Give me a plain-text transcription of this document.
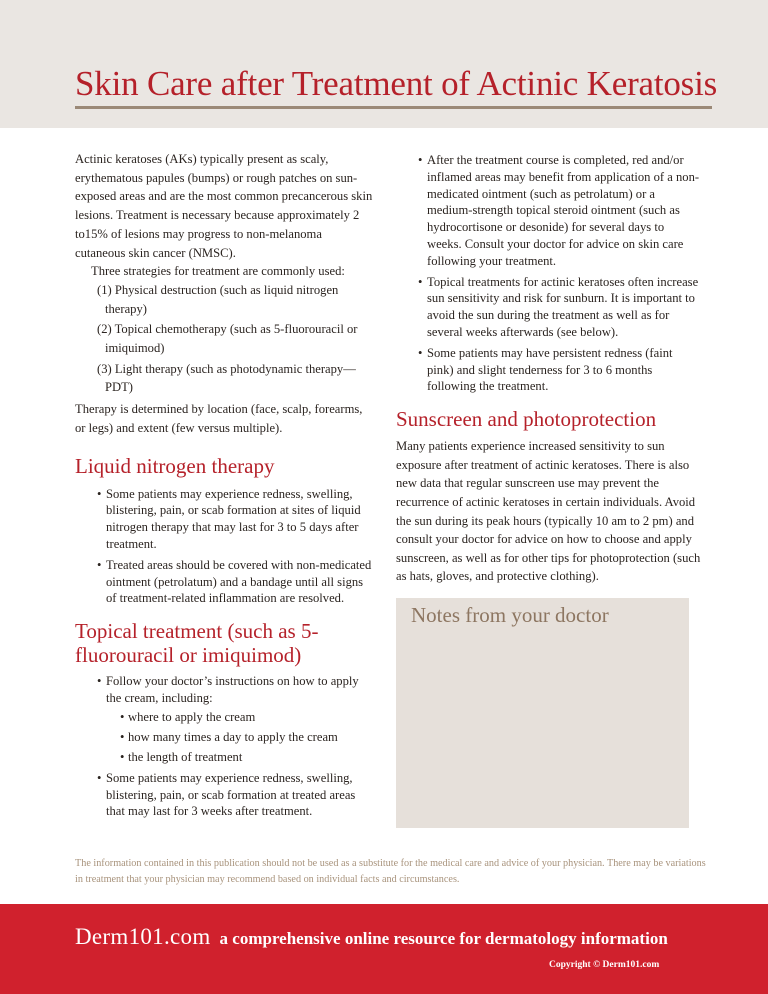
Skin Care after Treatment of Actinic Keratosis

Actinic keratoses (AKs) typically present as scaly, erythematous papules (bumps) or rough patches on sun-exposed areas and are the most common precancerous skin lesions. Treatment is necessary because approximately 2 to15% of lesions may progress to non-melanoma cutaneous skin cancer (NMSC).

Three strategies for treatment are commonly used:

(1) Physical destruction (such as liquid nitrogen therapy)
(2) Topical chemotherapy (such as 5-fluorouracil or imiquimod)
(3) Light therapy (such as photodynamic therapy—PDT)

Therapy is determined by location (face, scalp, forearms, or legs) and extent (few versus multiple).

Liquid nitrogen therapy
• Some patients may experience redness, swelling, blistering, pain, or scab formation at sites of liquid nitrogen therapy that may last for 3 to 5 days after treatment.
• Treated areas should be covered with non-medicated ointment (petrolatum) and a bandage until all signs of treatment-related inflammation are resolved.
Topical treatment (such as 5-fluorouracil or imiquimod)
• Follow your doctor’s instructions on how to apply the cream, including:
• where to apply the cream
• how many times a day to apply the cream
• the length of treatment
• Some patients may experience redness, swelling, blistering, pain, or scab formation at treated areas that may last for 3 weeks after treatment.
• After the treatment course is completed, red and/or inflamed areas may benefit from application of a non-medicated ointment (such as petrolatum) or a medium-strength topical steroid ointment (such as hydrocortisone or desonide) for several days to weeks. Consult your doctor for advice on skin care following your treatment.
• Topical treatments for actinic keratoses often increase sun sensitivity and risk for sunburn. It is important to avoid the sun during the treatment as well as for several weeks afterwards (see below).
• Some patients may have persistent redness (faint pink) and slight tenderness for 3 to 6 months following the treatment.
Sunscreen and photoprotection

Many patients experience increased sensitivity to sun exposure after treatment of actinic keratoses. There is also new data that regular sunscreen use may prevent the recurrence of actinic keratoses in certain individuals. Avoid the sun during its peak hours (typically 10 am to 2 pm) and consult your doctor for advice on how to choose and apply sunscreen, as well as for other tips for photoprotection (such as hats, gloves, and protective clothing).

Notes from your doctor
The information contained in this publication should not be used as a substitute for the medical care and advice of your physician. There may be variations in treatment that your physician may recommend based on individual facts and circumstances.
Derm101.com a comprehensive online resource for dermatology information
Copyright © Derm101.com
